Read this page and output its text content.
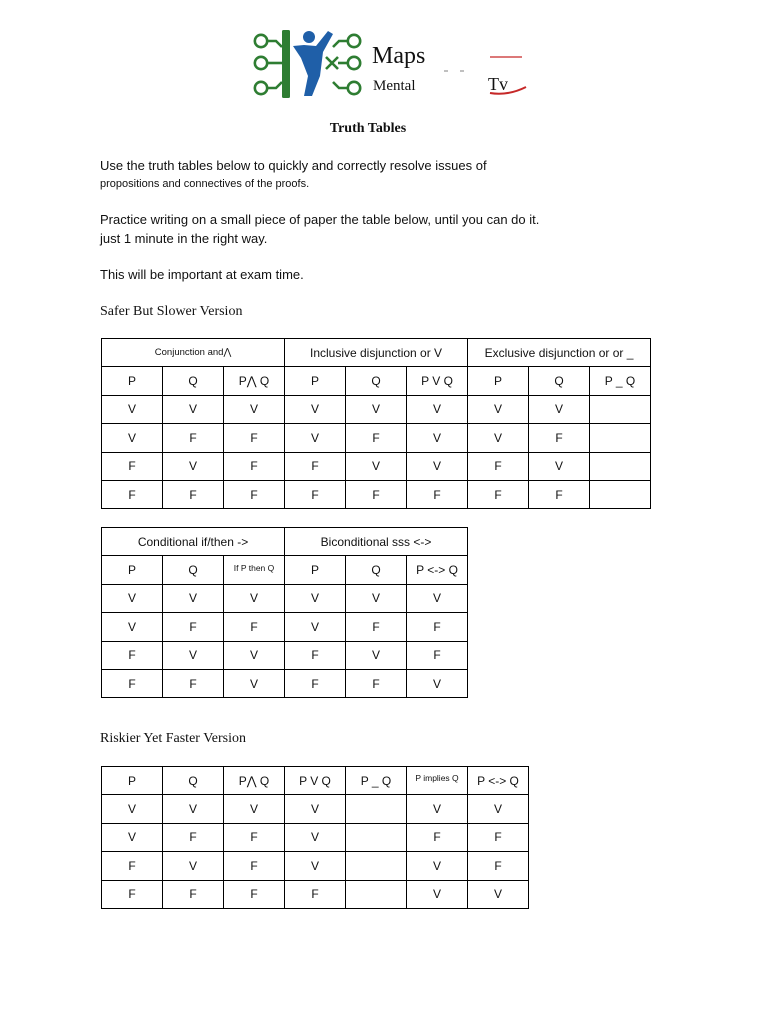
Maps
Mental	Tv
Truth Tables
Use the truth tables below to quickly and correctly resolve issues of
propositions and connectives of the proofs.
Practice writing on a small piece of paper the table below, until you can do it.
just 1 minute in the right way.
This will be important at exam time.
Safer But Slower Version
Conjunction and⋀			Inclusive disjunction or V			Exclusive disjunction or or _		
P	Q	P⋀ Q	P	Q	P V Q	P	Q	P _ Q
V	V	V	V	V	V	V	V	
V	F	F	V	F	V	V	F	
F	V	F	F	V	V	F	V	
F	F	F	F	F	F	F	F	
Conditional if/then ->			Biconditional sss <->		
P	Q	If P then Q	P	Q	P <-> Q
V	V	V	V	V	V
V	F	F	V	F	F
F	V	V	F	V	F
F	F	V	F	F	V
Riskier Yet Faster Version
P	Q	P⋀ Q	P V Q	P _ Q	P implies Q	P <-> Q
V	V	V	V		V	V
V	F	F	V		F	F
F	V	F	V		V	F
F	F	F	F		V	V
